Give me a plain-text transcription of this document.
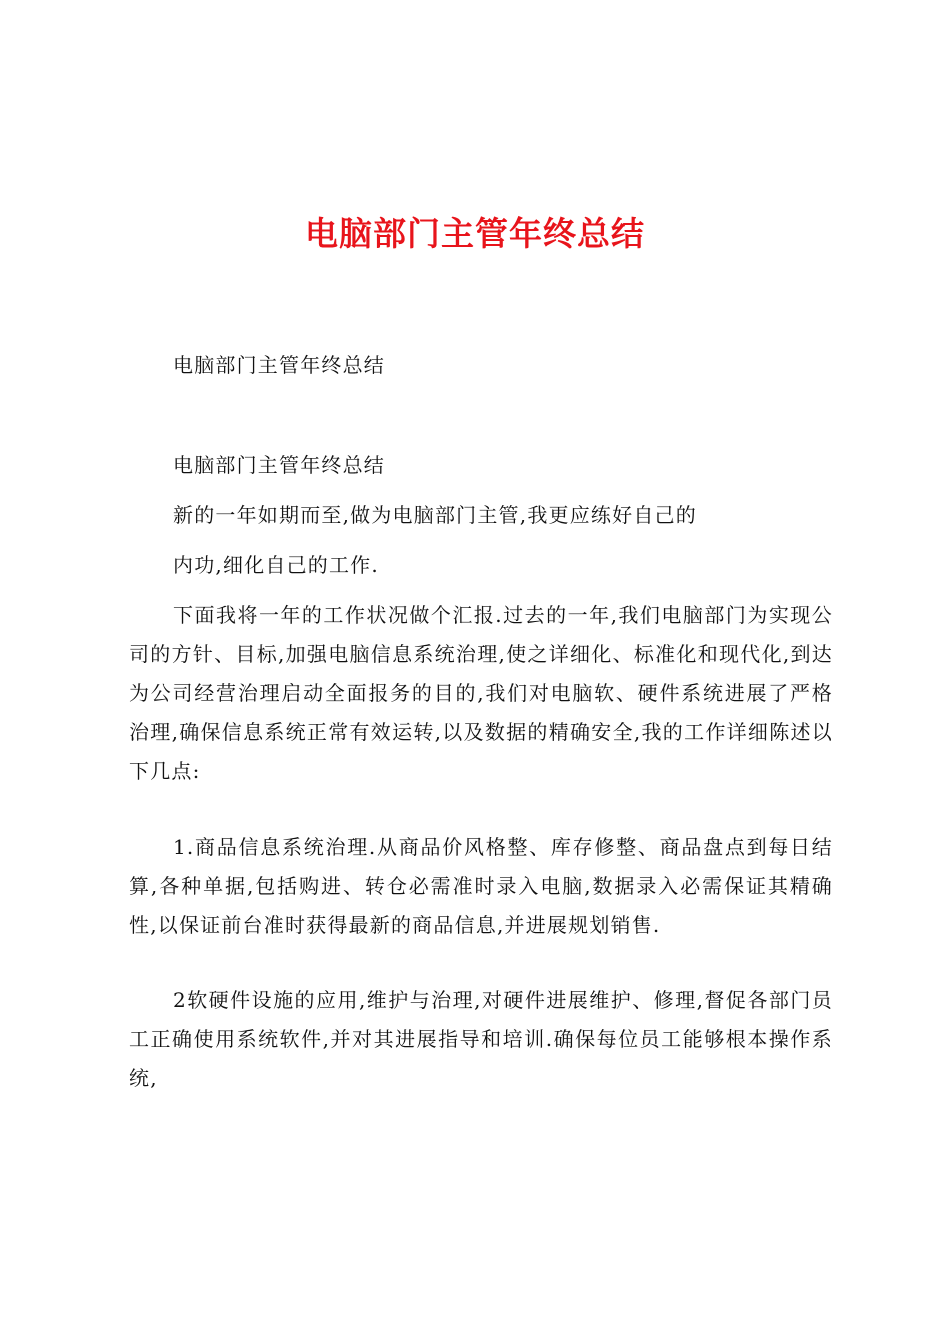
电脑部门主管年终总结
电脑部门主管年终总结
电脑部门主管年终总结
新的一年如期而至,做为电脑部门主管,我更应练好自己的
内功,细化自己的工作.

下面我将一年的工作状况做个汇报.过去的一年,我们电脑部门为实现公司的方针、目标,加强电脑信息系统治理,使之详细化、标准化和现代化,到达为公司经营治理启动全面报务的目的,我们对电脑软、硬件系统进展了严格治理,确保信息系统正常有效运转,以及数据的精确安全,我的工作详细陈述以下几点:

1.商品信息系统治理.从商品价风格整、库存修整、商品盘点到每日结算,各种单据,包括购进、转仓必需准时录入电脑,数据录入必需保证其精确性,以保证前台准时获得最新的商品信息,并进展规划销售.

2软硬件设施的应用,维护与治理,对硬件进展维护、修理,督促各部门员工正确使用系统软件,并对其进展指导和培训.确保每位员工能够根本操作系统,
